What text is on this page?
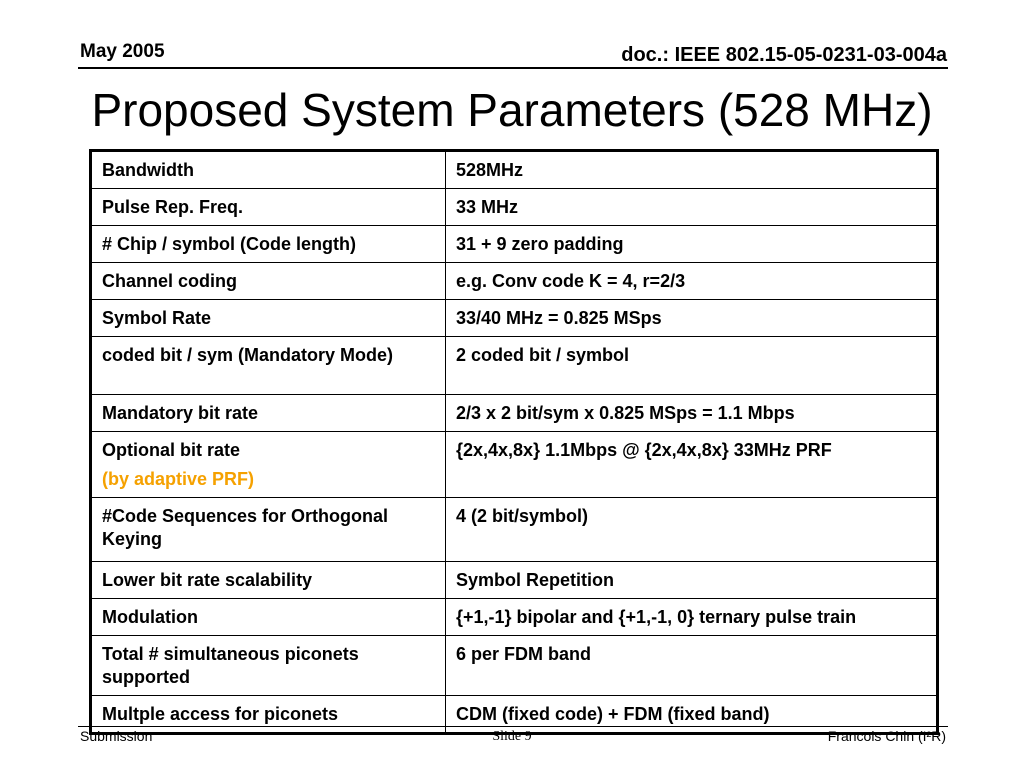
May 2005	doc.: IEEE 802.15-05-0231-03-004a
Proposed System Parameters (528 MHz)
Bandwidth	528MHz
Pulse Rep. Freq.	33 MHz
# Chip / symbol (Code length)	31 + 9 zero padding
Channel coding	e.g. Conv code K = 4, r=2/3
Symbol Rate	33/40 MHz = 0.825 MSps
coded bit / sym (Mandatory Mode)	2 coded bit / symbol
Mandatory bit rate	2/3 x 2 bit/sym x 0.825 MSps = 1.1 Mbps
Optional bit rate
(by adaptive PRF)	{2x,4x,8x} 1.1Mbps @ {2x,4x,8x} 33MHz PRF
#Code Sequences for Orthogonal Keying	4 (2 bit/symbol)
Lower bit rate scalability	Symbol Repetition
Modulation	{+1,-1} bipolar and {+1,-1, 0} ternary pulse train
Total # simultaneous piconets supported	6 per FDM band
Multple access for piconets	CDM (fixed code) + FDM (fixed band)
Submission	Slide 9	Francois Chin (I²R)
